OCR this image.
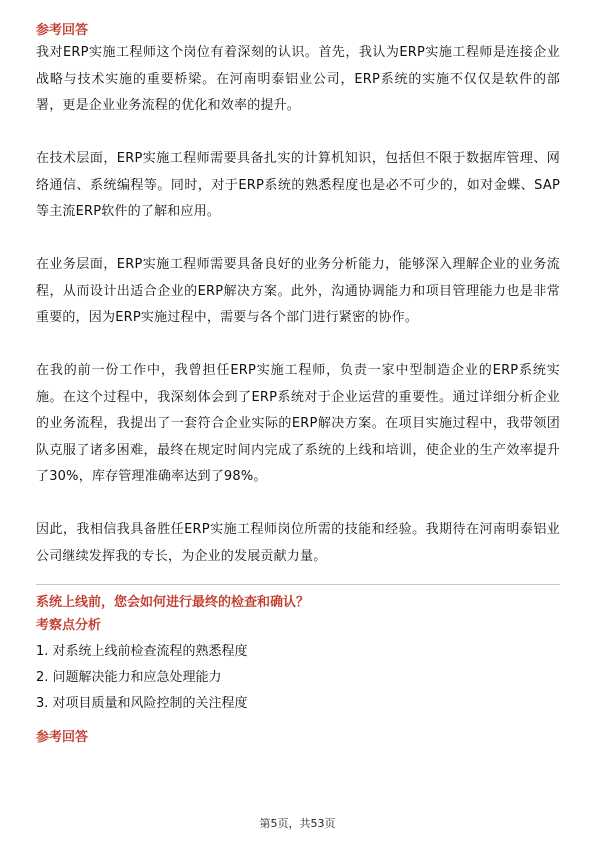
参考回答

我对ERP实施工程师这个岗位有着深刻的认识。首先，我认为ERP实施工程师是连接企业战略与技术实施的重要桥梁。在河南明泰铝业公司，ERP系统的实施不仅仅是软件的部署，更是企业业务流程的优化和效率的提升。

在技术层面，ERP实施工程师需要具备扎实的计算机知识，包括但不限于数据库管理、网络通信、系统编程等。同时，对于ERP系统的熟悉程度也是必不可少的，如对金蝶、SAP等主流ERP软件的了解和应用。

在业务层面，ERP实施工程师需要具备良好的业务分析能力，能够深入理解企业的业务流程，从而设计出适合企业的ERP解决方案。此外，沟通协调能力和项目管理能力也是非常重要的，因为ERP实施过程中，需要与各个部门进行紧密的协作。

在我的前一份工作中，我曾担任ERP实施工程师，负责一家中型制造企业的ERP系统实施。在这个过程中，我深刻体会到了ERP系统对于企业运营的重要性。通过详细分析企业的业务流程，我提出了一套符合企业实际的ERP解决方案。在项目实施过程中，我带领团队克服了诸多困难，最终在规定时间内完成了系统的上线和培训，使企业的生产效率提升了30%，库存管理准确率达到了98%。

因此，我相信我具备胜任ERP实施工程师岗位所需的技能和经验。我期待在河南明泰铝业公司继续发挥我的专长，为企业的发展贡献力量。

系统上线前，您会如何进行最终的检查和确认？

考察点分析

1. 对系统上线前检查流程的熟悉程度
2. 问题解决能力和应急处理能力
3. 对项目质量和风险控制的关注程度

参考回答

第5页，共53页
